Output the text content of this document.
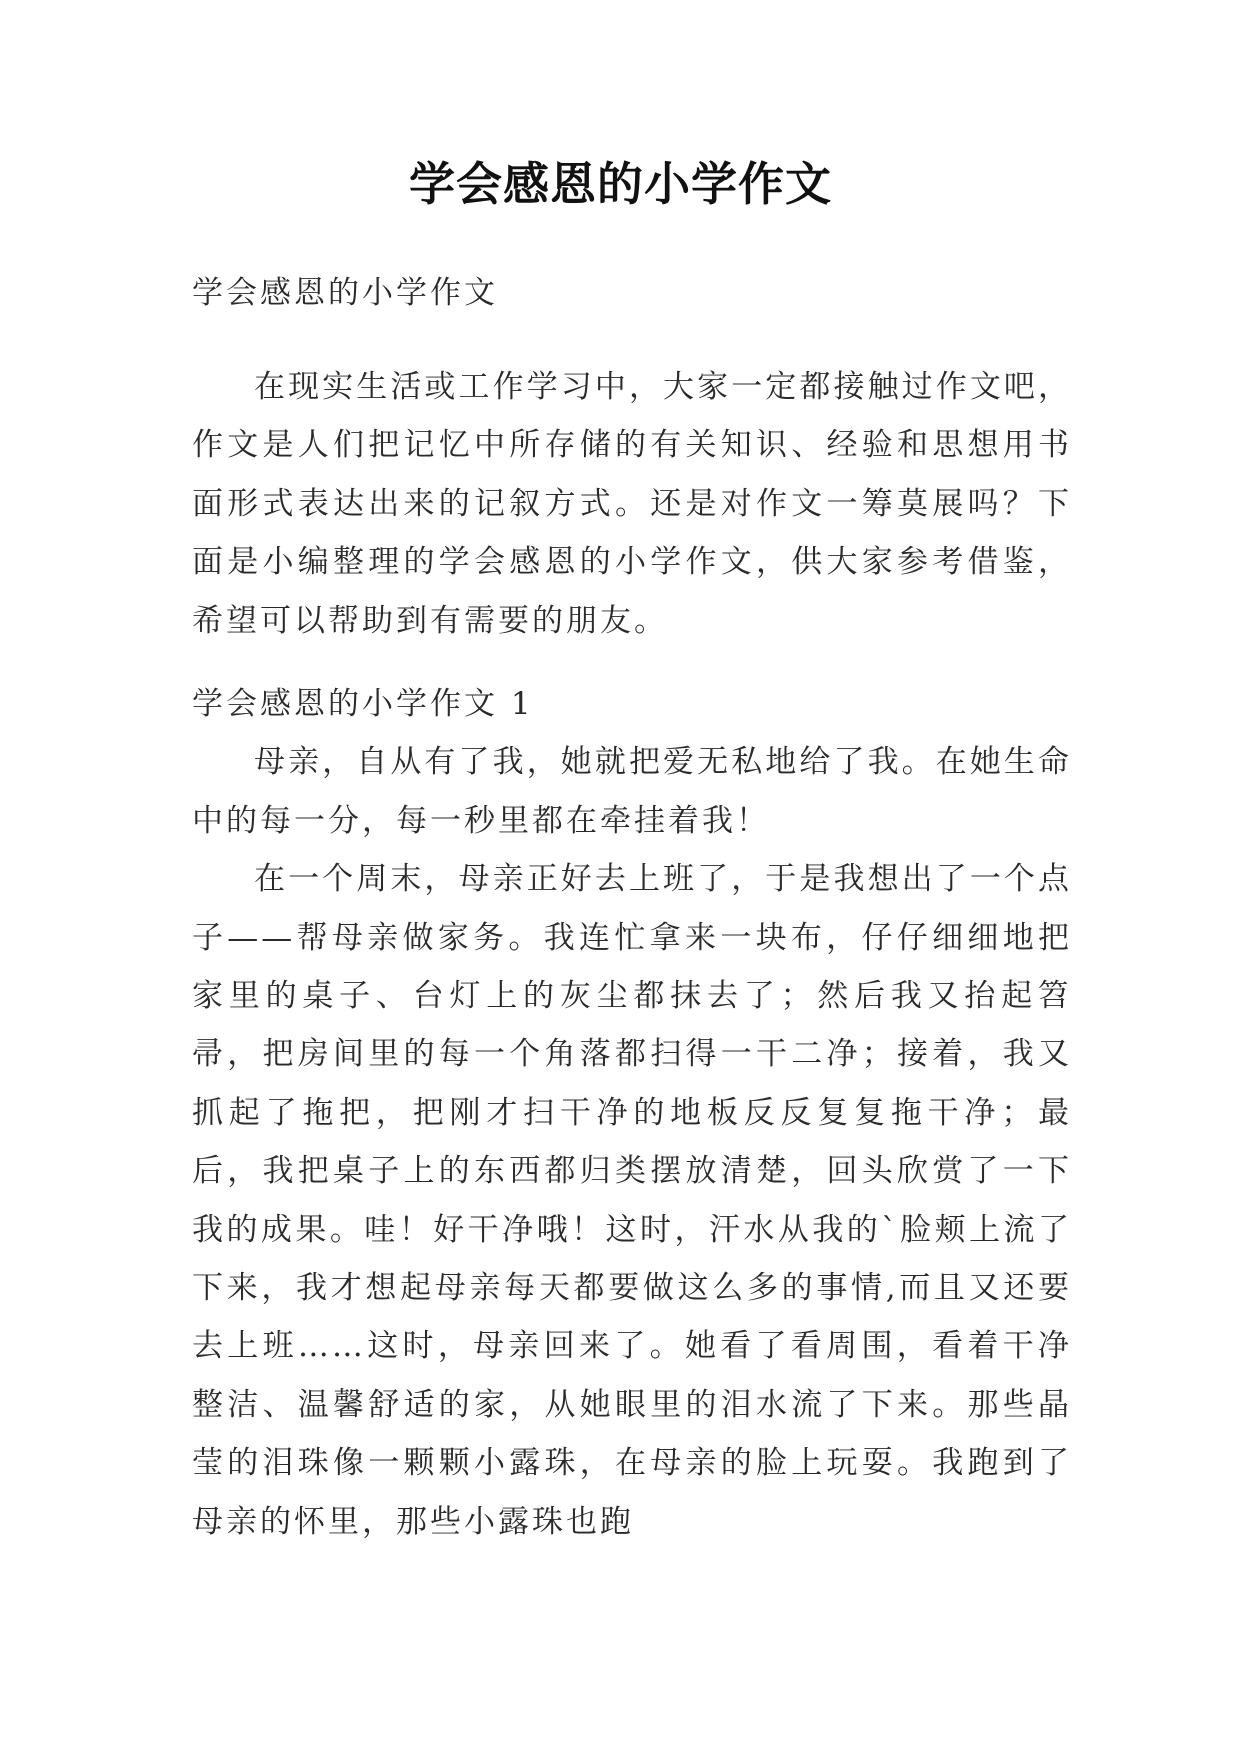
学会感恩的小学作文

学会感恩的小学作文

在现实生活或工作学习中，大家一定都接触过作文吧，作文是人们把记忆中所存储的有关知识、经验和思想用书面形式表达出来的记叙方式。还是对作文一筹莫展吗？下面是小编整理的学会感恩的小学作文，供大家参考借鉴，希望可以帮助到有需要的朋友。

学会感恩的小学作文 1

母亲，自从有了我，她就把爱无私地给了我。在她生命中的每一分，每一秒里都在牵挂着我！

在一个周末，母亲正好去上班了，于是我想出了一个点子——帮母亲做家务。我连忙拿来一块布，仔仔细细地把家里的桌子、台灯上的灰尘都抹去了；然后我又抬起笤帚，把房间里的每一个角落都扫得一干二净；接着，我又抓起了拖把，把刚才扫干净的地板反反复复拖干净；最后，我把桌子上的东西都归类摆放清楚，回头欣赏了一下我的成果。哇！好干净哦！这时，汗水从我的`脸颊上流了下来，我才想起母亲每天都要做这么多的事情,而且又还要去上班……这时，母亲回来了。她看了看周围，看着干净整洁、温馨舒适的家，从她眼里的泪水流了下来。那些晶莹的泪珠像一颗颗小露珠，在母亲的脸上玩耍。我跑到了母亲的怀里，那些小露珠也跑
